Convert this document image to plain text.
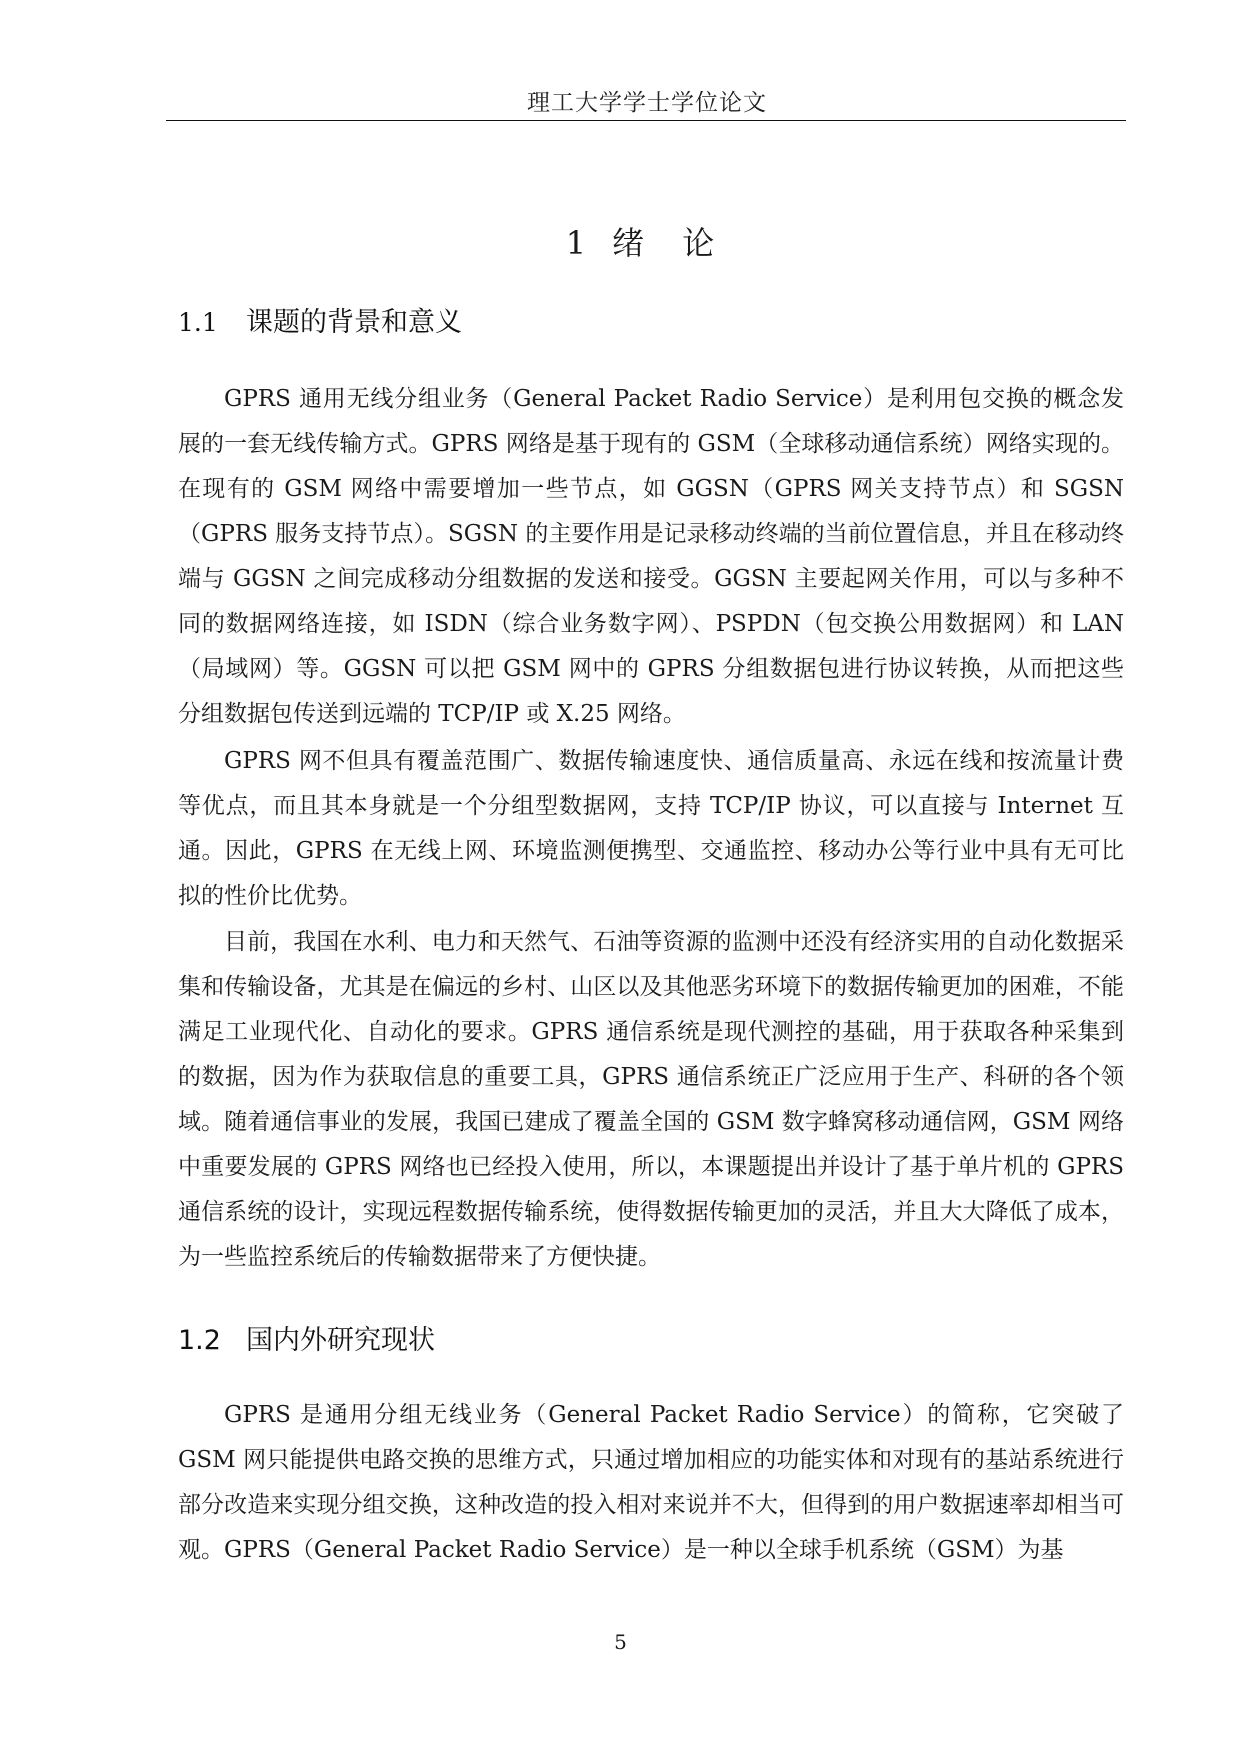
理工大学学士学位论文
1 绪 论
1.1 课题的背景和意义

GPRS 通用无线分组业务（General Packet Radio Service）是利用包交换的概念发展的一套无线传输方式。GPRS 网络是基于现有的 GSM（全球移动通信系统）网络实现的。在现有的 GSM 网络中需要增加一些节点，如 GGSN（GPRS 网关支持节点）和 SGSN（GPRS 服务支持节点）。SGSN 的主要作用是记录移动终端的当前位置信息，并且在移动终端与 GGSN 之间完成移动分组数据的发送和接受。GGSN 主要起网关作用，可以与多种不同的数据网络连接，如 ISDN（综合业务数字网）、PSPDN（包交换公用数据网）和 LAN（局域网）等。GGSN 可以把 GSM 网中的 GPRS 分组数据包进行协议转换，从而把这些分组数据包传送到远端的 TCP/IP 或 X.25 网络。

GPRS 网不但具有覆盖范围广、数据传输速度快、通信质量高、永远在线和按流量计费等优点，而且其本身就是一个分组型数据网，支持 TCP/IP 协议，可以直接与 Internet 互通。因此，GPRS 在无线上网、环境监测便携型、交通监控、移动办公等行业中具有无可比拟的性价比优势。

目前，我国在水利、电力和天然气、石油等资源的监测中还没有经济实用的自动化数据采集和传输设备，尤其是在偏远的乡村、山区以及其他恶劣环境下的数据传输更加的困难，不能满足工业现代化、自动化的要求。GPRS 通信系统是现代测控的基础，用于获取各种采集到的数据，因为作为获取信息的重要工具，GPRS 通信系统正广泛应用于生产、科研的各个领域。随着通信事业的发展，我国已建成了覆盖全国的 GSM 数字蜂窝移动通信网，GSM 网络中重要发展的 GPRS 网络也已经投入使用，所以，本课题提出并设计了基于单片机的 GPRS 通信系统的设计，实现远程数据传输系统，使得数据传输更加的灵活，并且大大降低了成本，为一些监控系统后的传输数据带来了方便快捷。

1.2 国内外研究现状

GPRS 是通用分组无线业务（General Packet Radio Service）的简称，它突破了 GSM 网只能提供电路交换的思维方式，只通过增加相应的功能实体和对现有的基站系统进行部分改造来实现分组交换，这种改造的投入相对来说并不大，但得到的用户数据速率却相当可观。GPRS（General Packet Radio Service）是一种以全球手机系统（GSM）为基

5
